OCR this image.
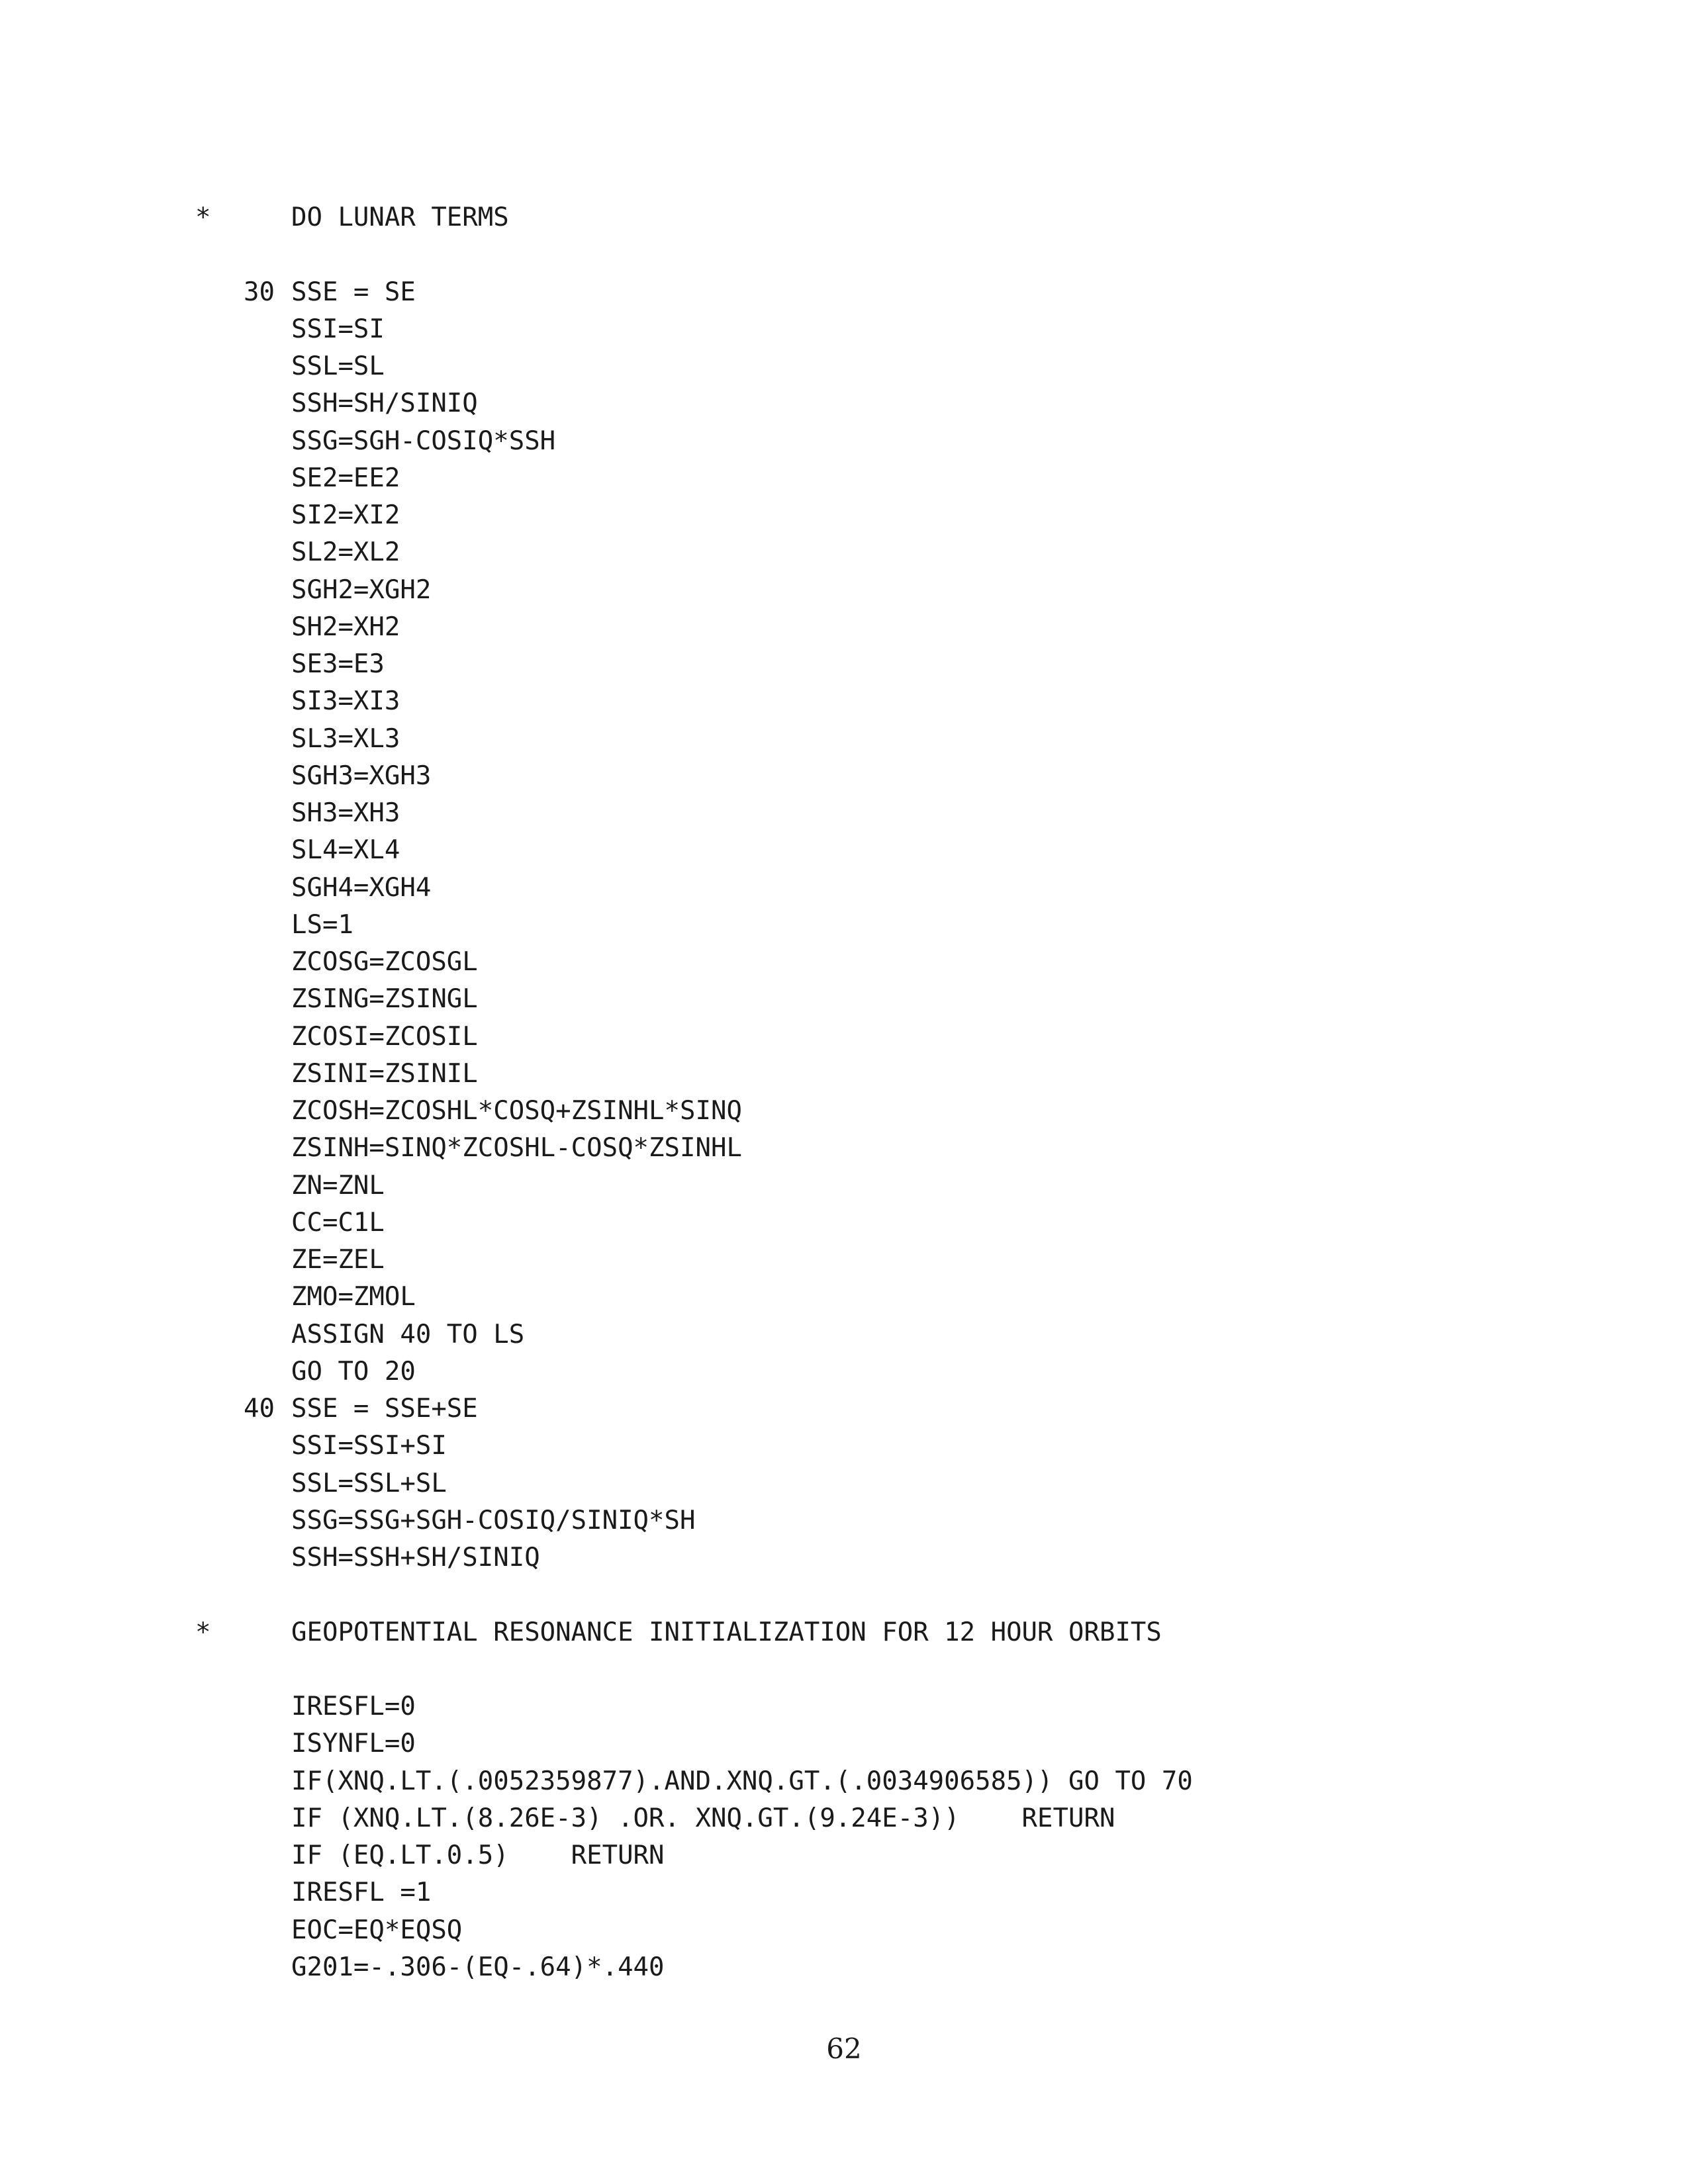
*	DO LUNAR TERMS
30 SSE = SE
SSI=SI
SSL=SL
SSH=SH/SINIQ
SSG=SGH-COSIQ*SSH
SE2=EE2
SI2=XI2
SL2=XL2
SGH2=XGH2
SH2=XH2
SE3=E3
SI3=XI3
SL3=XL3
SGH3=XGH3
SH3=XH3
SL4=XL4
SGH4=XGH4
LS=1
ZCOSG=ZCOSGL
ZSING=ZSINGL
ZCOSI=ZCOSIL
ZSINI=ZSINIL
ZCOSH=ZCOSHL*COSQ+ZSINHL*SINQ
ZSINH=SINQ*ZCOSHL-COSQ*ZSINHL
ZN=ZNL
CC=C1L
ZE=ZEL
ZMO=ZMOL
ASSIGN 40 TO LS
GO TO 20
40 SSE = SSE+SE
SSI=SSI+SI
SSL=SSL+SL
SSG=SSG+SGH-COSIQ/SINIQ*SH
SSH=SSH+SH/SINIQ
*	GEOPOTENTIAL RESONANCE INITIALIZATION FOR 12 HOUR ORBITS
IRESFL=0
ISYNFL=0
IF(XNQ.LT.(.0052359877).AND.XNQ.GT.(.0034906585)) GO TO 70
IF (XNQ.LT.(8.26E-3) .OR. XNQ.GT.(9.24E-3))    RETURN
IF (EQ.LT.0.5)    RETURN
IRESFL =1
EOC=EQ*EQSQ
G201=-.306-(EQ-.64)*.440
62
